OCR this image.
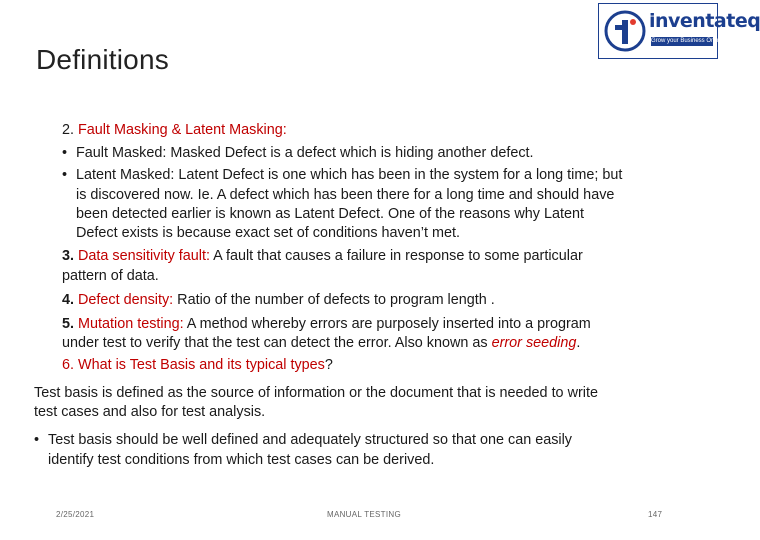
Definitions
inventateq
Grow your Business Online
2. Fault Masking & Latent Masking:
• Fault Masked: Masked Defect is a defect which is hiding another defect.
• Latent Masked: Latent Defect is one which has been in the system for a long time; but
is discovered now. Ie. A defect which has been there for a long time and should have
been detected earlier is known as Latent Defect. One of the reasons why Latent
Defect exists is because exact set of conditions haven’t met.
3. Data sensitivity fault: A fault that causes a failure in response to some particular
pattern of data.
4. Defect density: Ratio of the number of defects to program length .
5. Mutation testing: A method whereby errors are purposely inserted into a program
under test to verify that the test can detect the error. Also known as error seeding.
6. What is Test Basis and its typical types?
Test basis is defined as the source of information or the document that is needed to write
test cases and also for test analysis.
• Test basis should be well defined and adequately structured so that one can easily
identify test conditions from which test cases can be derived.
2/25/2021	MANUAL TESTING	147
